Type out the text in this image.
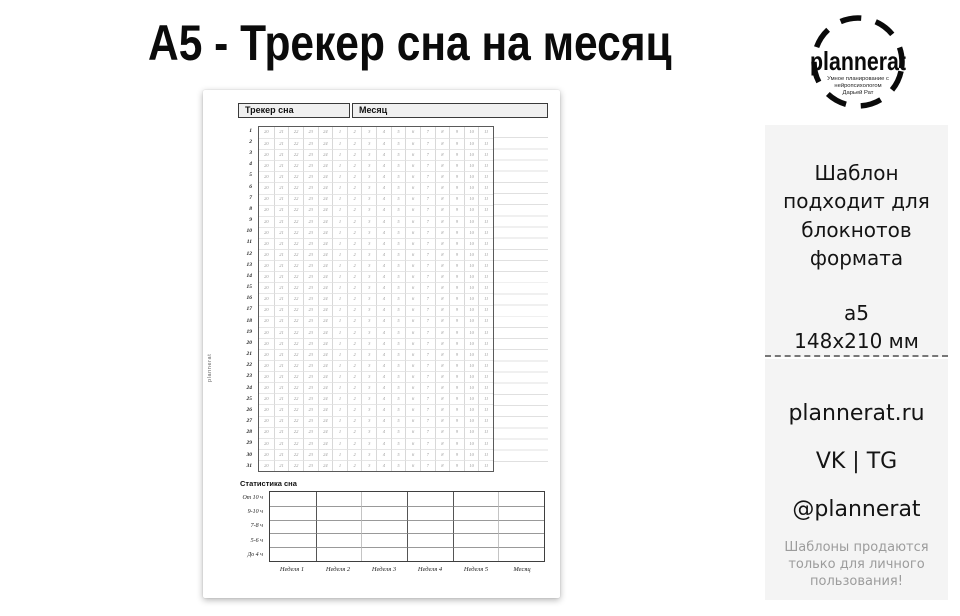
А5 - Трекер сна на месяц	plannerat
Умное планирование с
нейропсихологом
Дарьей Рат
Трекер сна	Месяц
1
2
3
4
5
6
7
8
9
10
11
12
13
14
15
16
17
18
19
20
21
22
23
24
25
26
27
28
29
30
31
20	21	22	23	24	1	2	3	4	5	6	7	8	9	10	11
20	21	22	23	24	1	2	3	4	5	6	7	8	9	10	11
20	21	22	23	24	1	2	3	4	5	6	7	8	9	10	11
20	21	22	23	24	1	2	3	4	5	6	7	8	9	10	11
20	21	22	23	24	1	2	3	4	5	6	7	8	9	10	11
20	21	22	23	24	1	2	3	4	5	6	7	8	9	10	11
20	21	22	23	24	1	2	3	4	5	6	7	8	9	10	11
20	21	22	23	24	1	2	3	4	5	6	7	8	9	10	11
20	21	22	23	24	1	2	3	4	5	6	7	8	9	10	11
20	21	22	23	24	1	2	3	4	5	6	7	8	9	10	11
20	21	22	23	24	1	2	3	4	5	6	7	8	9	10	11
20	21	22	23	24	1	2	3	4	5	6	7	8	9	10	11
20	21	22	23	24	1	2	3	4	5	6	7	8	9	10	11
20	21	22	23	24	1	2	3	4	5	6	7	8	9	10	11
20	21	22	23	24	1	2	3	4	5	6	7	8	9	10	11
20	21	22	23	24	1	2	3	4	5	6	7	8	9	10	11
20	21	22	23	24	1	2	3	4	5	6	7	8	9	10	11
20	21	22	23	24	1	2	3	4	5	6	7	8	9	10	11
20	21	22	23	24	1	2	3	4	5	6	7	8	9	10	11
20	21	22	23	24	1	2	3	4	5	6	7	8	9	10	11
20	21	22	23	24	1	2	3	4	5	6	7	8	9	10	11
20	21	22	23	24	1	2	3	4	5	6	7	8	9	10	11
20	21	22	23	24	1	2	3	4	5	6	7	8	9	10	11
20	21	22	23	24	1	2	3	4	5	6	7	8	9	10	11
20	21	22	23	24	1	2	3	4	5	6	7	8	9	10	11
20	21	22	23	24	1	2	3	4	5	6	7	8	9	10	11
20	21	22	23	24	1	2	3	4	5	6	7	8	9	10	11
20	21	22	23	24	1	2	3	4	5	6	7	8	9	10	11
20	21	22	23	24	1	2	3	4	5	6	7	8	9	10	11
20	21	22	23	24	1	2	3	4	5	6	7	8	9	10	11
20	21	22	23	24	1	2	3	4	5	6	7	8	9	10	11
plannerat
Статистика сна
От 10 ч
9-10 ч
7-8 ч
5-6 ч
До 4 ч
Неделя 1	Неделя 2	Неделя 3	Неделя 4	Неделя 5	Месяц
Шаблон подходит для блокнотов формата
а5
148x210 мм
plannerat.ru
VK | TG
@plannerat
Шаблоны продаются только для личного пользования!
